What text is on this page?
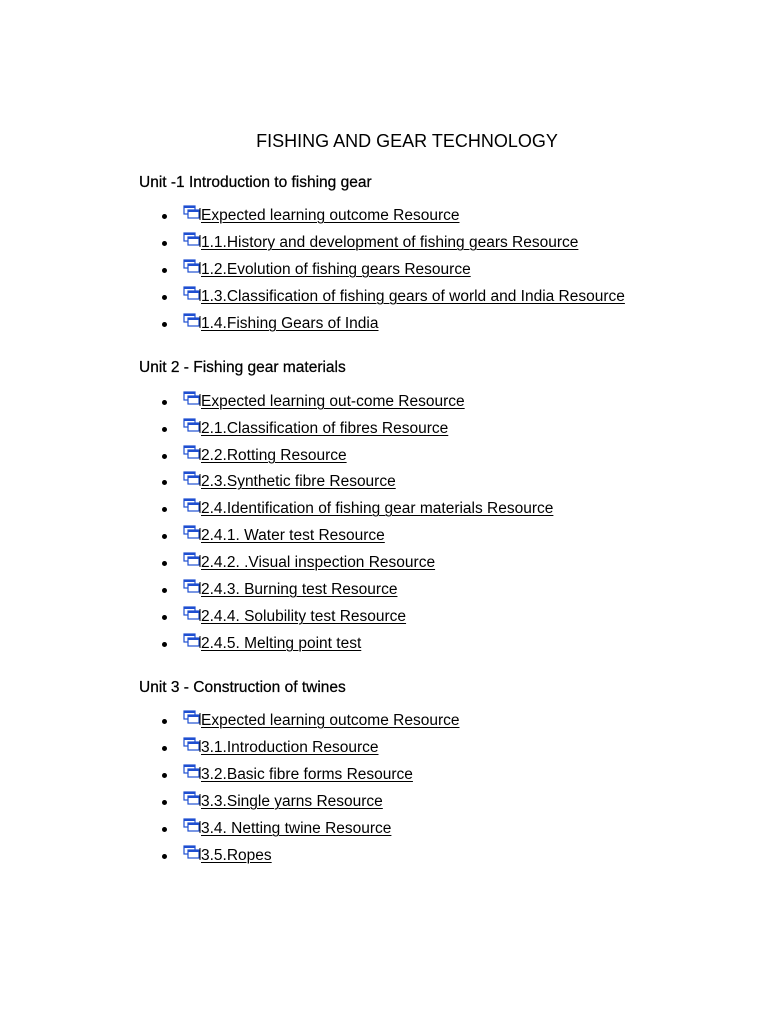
FISHING AND GEAR TECHNOLOGY
Unit -1 Introduction to fishing gear
Expected learning outcome Resource
1.1.History and development of fishing gears Resource
1.2.Evolution of fishing gears Resource
1.3.Classification of fishing gears of world and India Resource
1.4.Fishing Gears of India
Unit 2 - Fishing gear materials
Expected learning out-come Resource
2.1.Classification of fibres Resource
2.2.Rotting Resource
2.3.Synthetic fibre Resource
2.4.Identification of fishing gear materials Resource
2.4.1. Water test Resource
2.4.2. .Visual inspection Resource
2.4.3. Burning test Resource
2.4.4. Solubility test Resource
2.4.5. Melting point test
Unit 3 - Construction of twines
Expected learning outcome Resource
3.1.Introduction Resource
3.2.Basic fibre forms Resource
3.3.Single yarns Resource
3.4. Netting twine Resource
3.5.Ropes
